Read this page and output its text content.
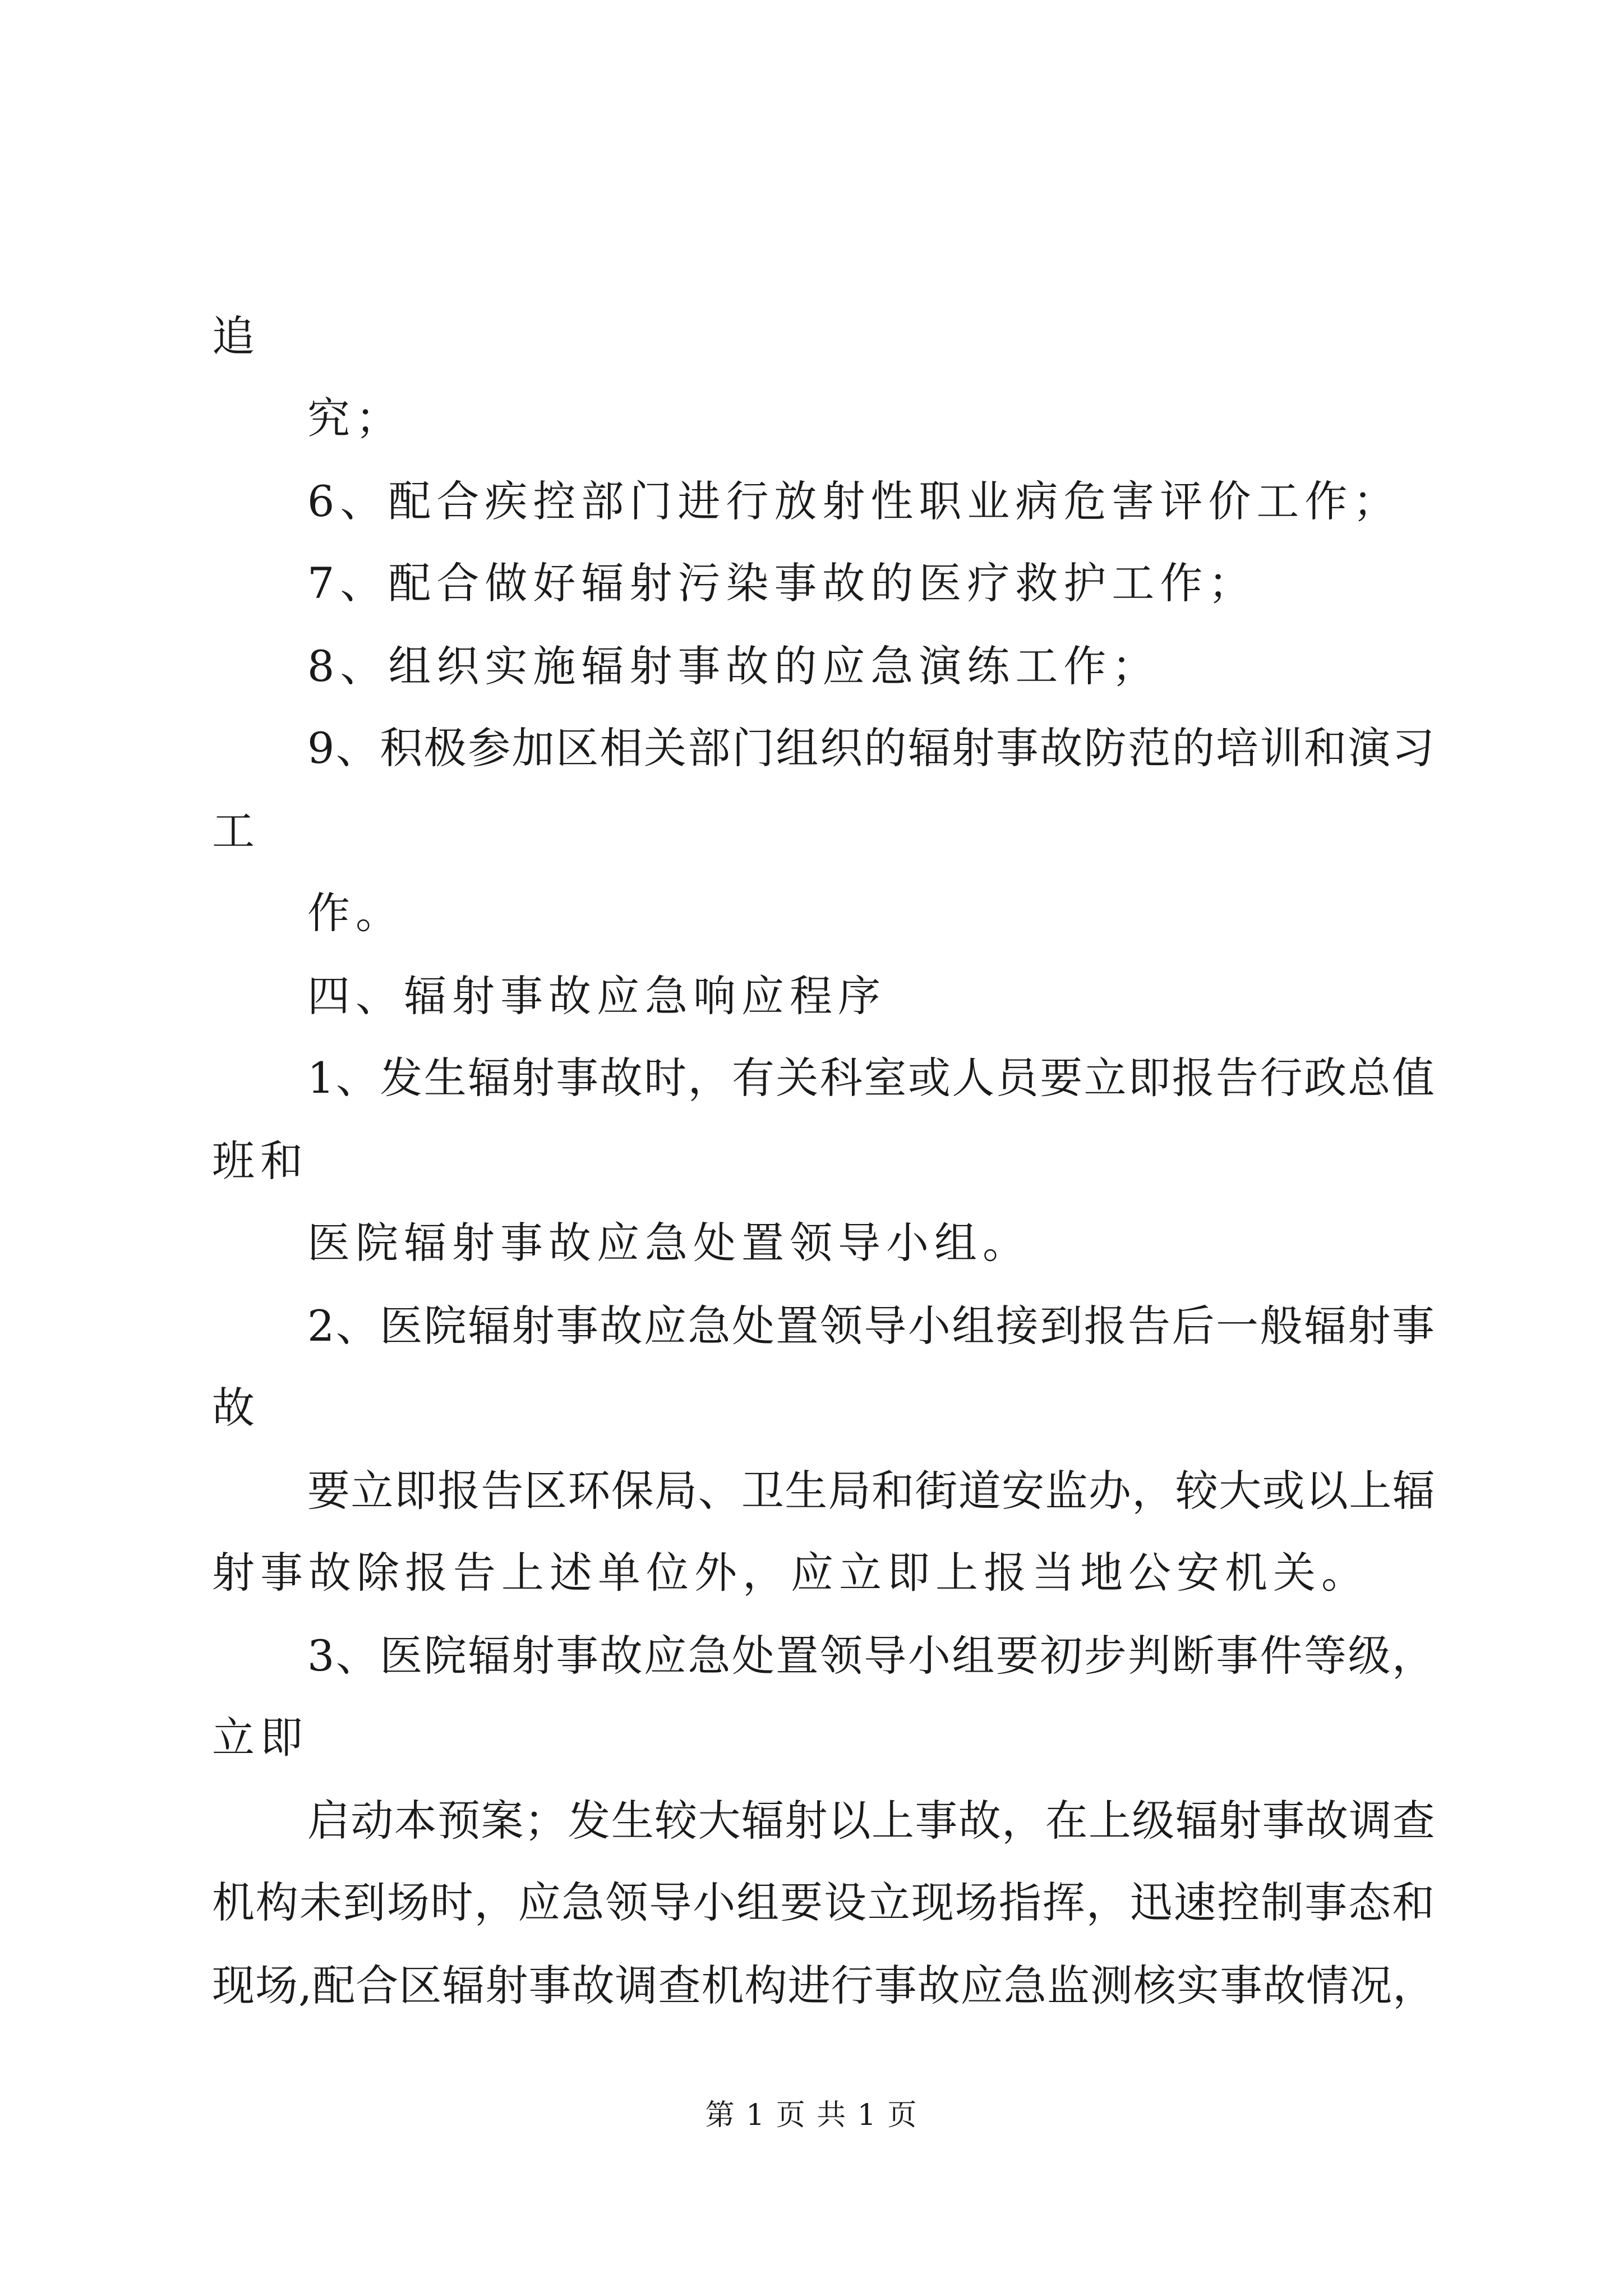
追
究；
6、配合疾控部门进行放射性职业病危害评价工作；
7、配合做好辐射污染事故的医疗救护工作；
8、组织实施辐射事故的应急演练工作；
9、积极参加区相关部门组织的辐射事故防范的培训和演习
工
作。
四、辐射事故应急响应程序
1、发生辐射事故时，有关科室或人员要立即报告行政总值
班和
医院辐射事故应急处置领导小组。
2、医院辐射事故应急处置领导小组接到报告后一般辐射事
故
要立即报告区环保局、卫生局和街道安监办，较大或以上辐
射事故除报告上述单位外，应立即上报当地公安机关。
3、医院辐射事故应急处置领导小组要初步判断事件等级，
立即
启动本预案；发生较大辐射以上事故，在上级辐射事故调查
机构未到场时，应急领导小组要设立现场指挥，迅速控制事态和
现场,配合区辐射事故调查机构进行事故应急监测核实事故情况，
第 1 页 共 1 页
